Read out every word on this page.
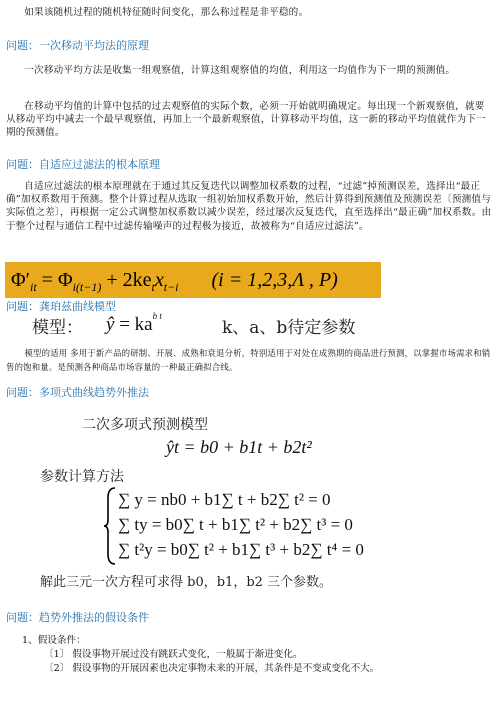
如果该随机过程的随机特征随时间变化，那么称过程是非平稳的。
问题：一次移动平均法的原理
一次移动平均方法是收集一组观察值，计算这组观察值的均值，利用这一均值作为下一期的预测值。
在移动平均值的计算中包括的过去观察值的实际个数，必须一开始就明确规定。每出现一个新观察值，就要从移动平均中减去一个最早观察值，再加上一个最新观察值，计算移动平均值，这一新的移动平均值就作为下一期的预测值。
问题：自适应过滤法的根本原理
自适应过滤法的根本原理就在于通过其反复迭代以调整加权系数的过程，“过滤”掉预测误差，选择出“最正确”加权系数用于预测。整个计算过程从选取一组初始加权系数开始，然后计算得到预测值及预测误差〔预测值与实际值之差〕，再根据一定公式调整加权系数以减少误差，经过屡次反复迭代，直至选择出“最正确”加权系数。由于整个过程与通信工程中过滤传输噪声的过程极为接近，故被称为“自适应过滤法”。
$\Phi'_{it} = \Phi_{i(t-1)} + 2ke_tx_{t-i}$ (i = 1,2,3,Λ , P)
问题：龚珀兹曲线模型
模型： ŷ = $ka^{b t}$
k、a、b待定参数
模型的适用 多用于新产品的研制、开展、成熟和衰退分析，特别适用于对处在成熟期的商品进行预测，以掌握市场需求和销售的饱和量。是预测各种商品市场容量的一种最正确拟合线。
问题：多项式曲线趋势外推法
二次多项式预测模型
ŷt = b0 + b1t + b2t²
参数计算方法
∑ y = nb0 + b1∑ t + b2∑ t² = 0
∑ ty = b0∑ t + b1∑ t² + b2∑ t³ = 0
∑ t²y = b0∑ t² + b1∑ t³ + b2∑ t⁴ = 0
解此三元一次方程可求得 b0，b1，b2 三个参数。
问题：趋势外推法的假设条件
1、假设条件：
〔1〕 假设事物开展过没有跳跃式变化，一般属于渐进变化。
〔2〕 假设事物的开展因素也决定事物未来的开展，其条件是不变或变化不大。
